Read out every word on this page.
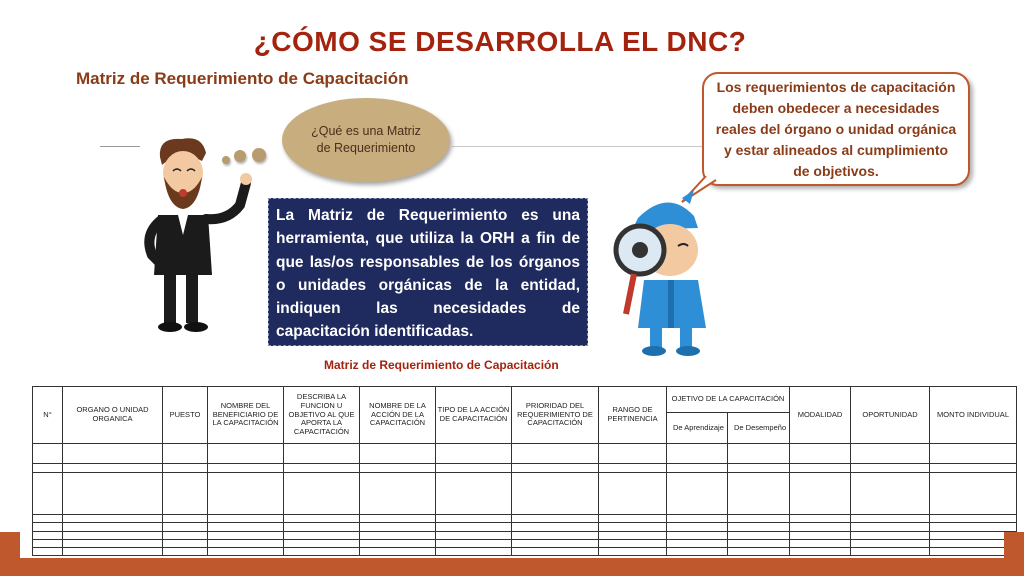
¿CÓMO SE DESARROLLA EL DNC?
Matriz de Requerimiento de Capacitación
¿Qué es una Matriz de Requerimiento
Los requerimientos de capacitación deben obedecer a necesidades reales del órgano o unidad orgánica y estar alineados al cumplimiento de objetivos.
La Matriz de Requerimiento es una herramienta, que utiliza la ORH a fin de que las/os responsables de los órganos o unidades orgánicas de la entidad, indiquen las necesidades de capacitación identificadas.
Matriz de Requerimiento de Capacitación
N°	ORGANO O UNIDAD ORGANICA	PUESTO	NOMBRE DEL BENEFICIARIO DE LA CAPACITACIÓN	DESCRIBA LA FUNCION U OBJETIVO AL QUE APORTA LA CAPACITACIÓN	NOMBRE DE LA ACCIÓN DE LA CAPACITACIÓN	TIPO DE LA ACCIÓN DE CAPACITACIÓN	PRIORIDAD DEL REQUERIMIENTO DE CAPACITACIÓN	RANGO DE PERTINENCIA	OJETIVO DE LA CAPACITACIÓN		MODALIDAD	OPORTUNIDAD	MONTO INDIVIDUAL
									De Aprendizaje	De Desempeño			
